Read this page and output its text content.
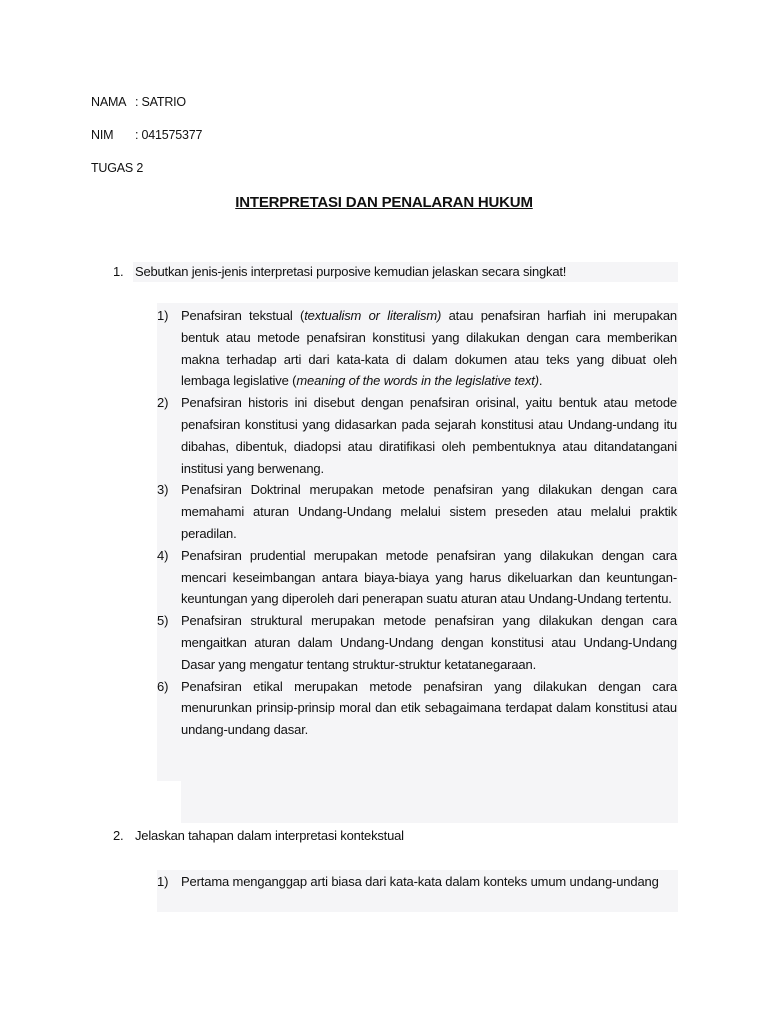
NAMA : SATRIO
NIM : 041575377
TUGAS 2
INTERPRETASI DAN PENALARAN HUKUM
1. Sebutkan jenis-jenis interpretasi purposive kemudian jelaskan secara singkat!
1) Penafsiran tekstual (textualism or literalism) atau penafsiran harfiah ini merupakan bentuk atau metode penafsiran konstitusi yang dilakukan dengan cara memberikan makna terhadap arti dari kata-kata di dalam dokumen atau teks yang dibuat oleh lembaga legislative (meaning of the words in the legislative text).
2) Penafsiran historis ini disebut dengan penafsiran orisinal, yaitu bentuk atau metode penafsiran konstitusi yang didasarkan pada sejarah konstitusi atau Undang-undang itu dibahas, dibentuk, diadopsi atau diratifikasi oleh pembentuknya atau ditandatangani institusi yang berwenang.
3) Penafsiran Doktrinal merupakan metode penafsiran yang dilakukan dengan cara memahami aturan Undang-Undang melalui sistem preseden atau melalui praktik peradilan.
4) Penafsiran prudential merupakan metode penafsiran yang dilakukan dengan cara mencari keseimbangan antara biaya-biaya yang harus dikeluarkan dan keuntungan-keuntungan yang diperoleh dari penerapan suatu aturan atau Undang-Undang tertentu.
5) Penafsiran struktural merupakan metode penafsiran yang dilakukan dengan cara mengaitkan aturan dalam Undang-Undang dengan konstitusi atau Undang-Undang Dasar yang mengatur tentang struktur-struktur ketatanegaraan.
6) Penafsiran etikal merupakan metode penafsiran yang dilakukan dengan cara menurunkan prinsip-prinsip moral dan etik sebagaimana terdapat dalam konstitusi atau undang-undang dasar.
2. Jelaskan tahapan dalam interpretasi kontekstual
1) Pertama menganggap arti biasa dari kata-kata dalam konteks umum undang-undang
